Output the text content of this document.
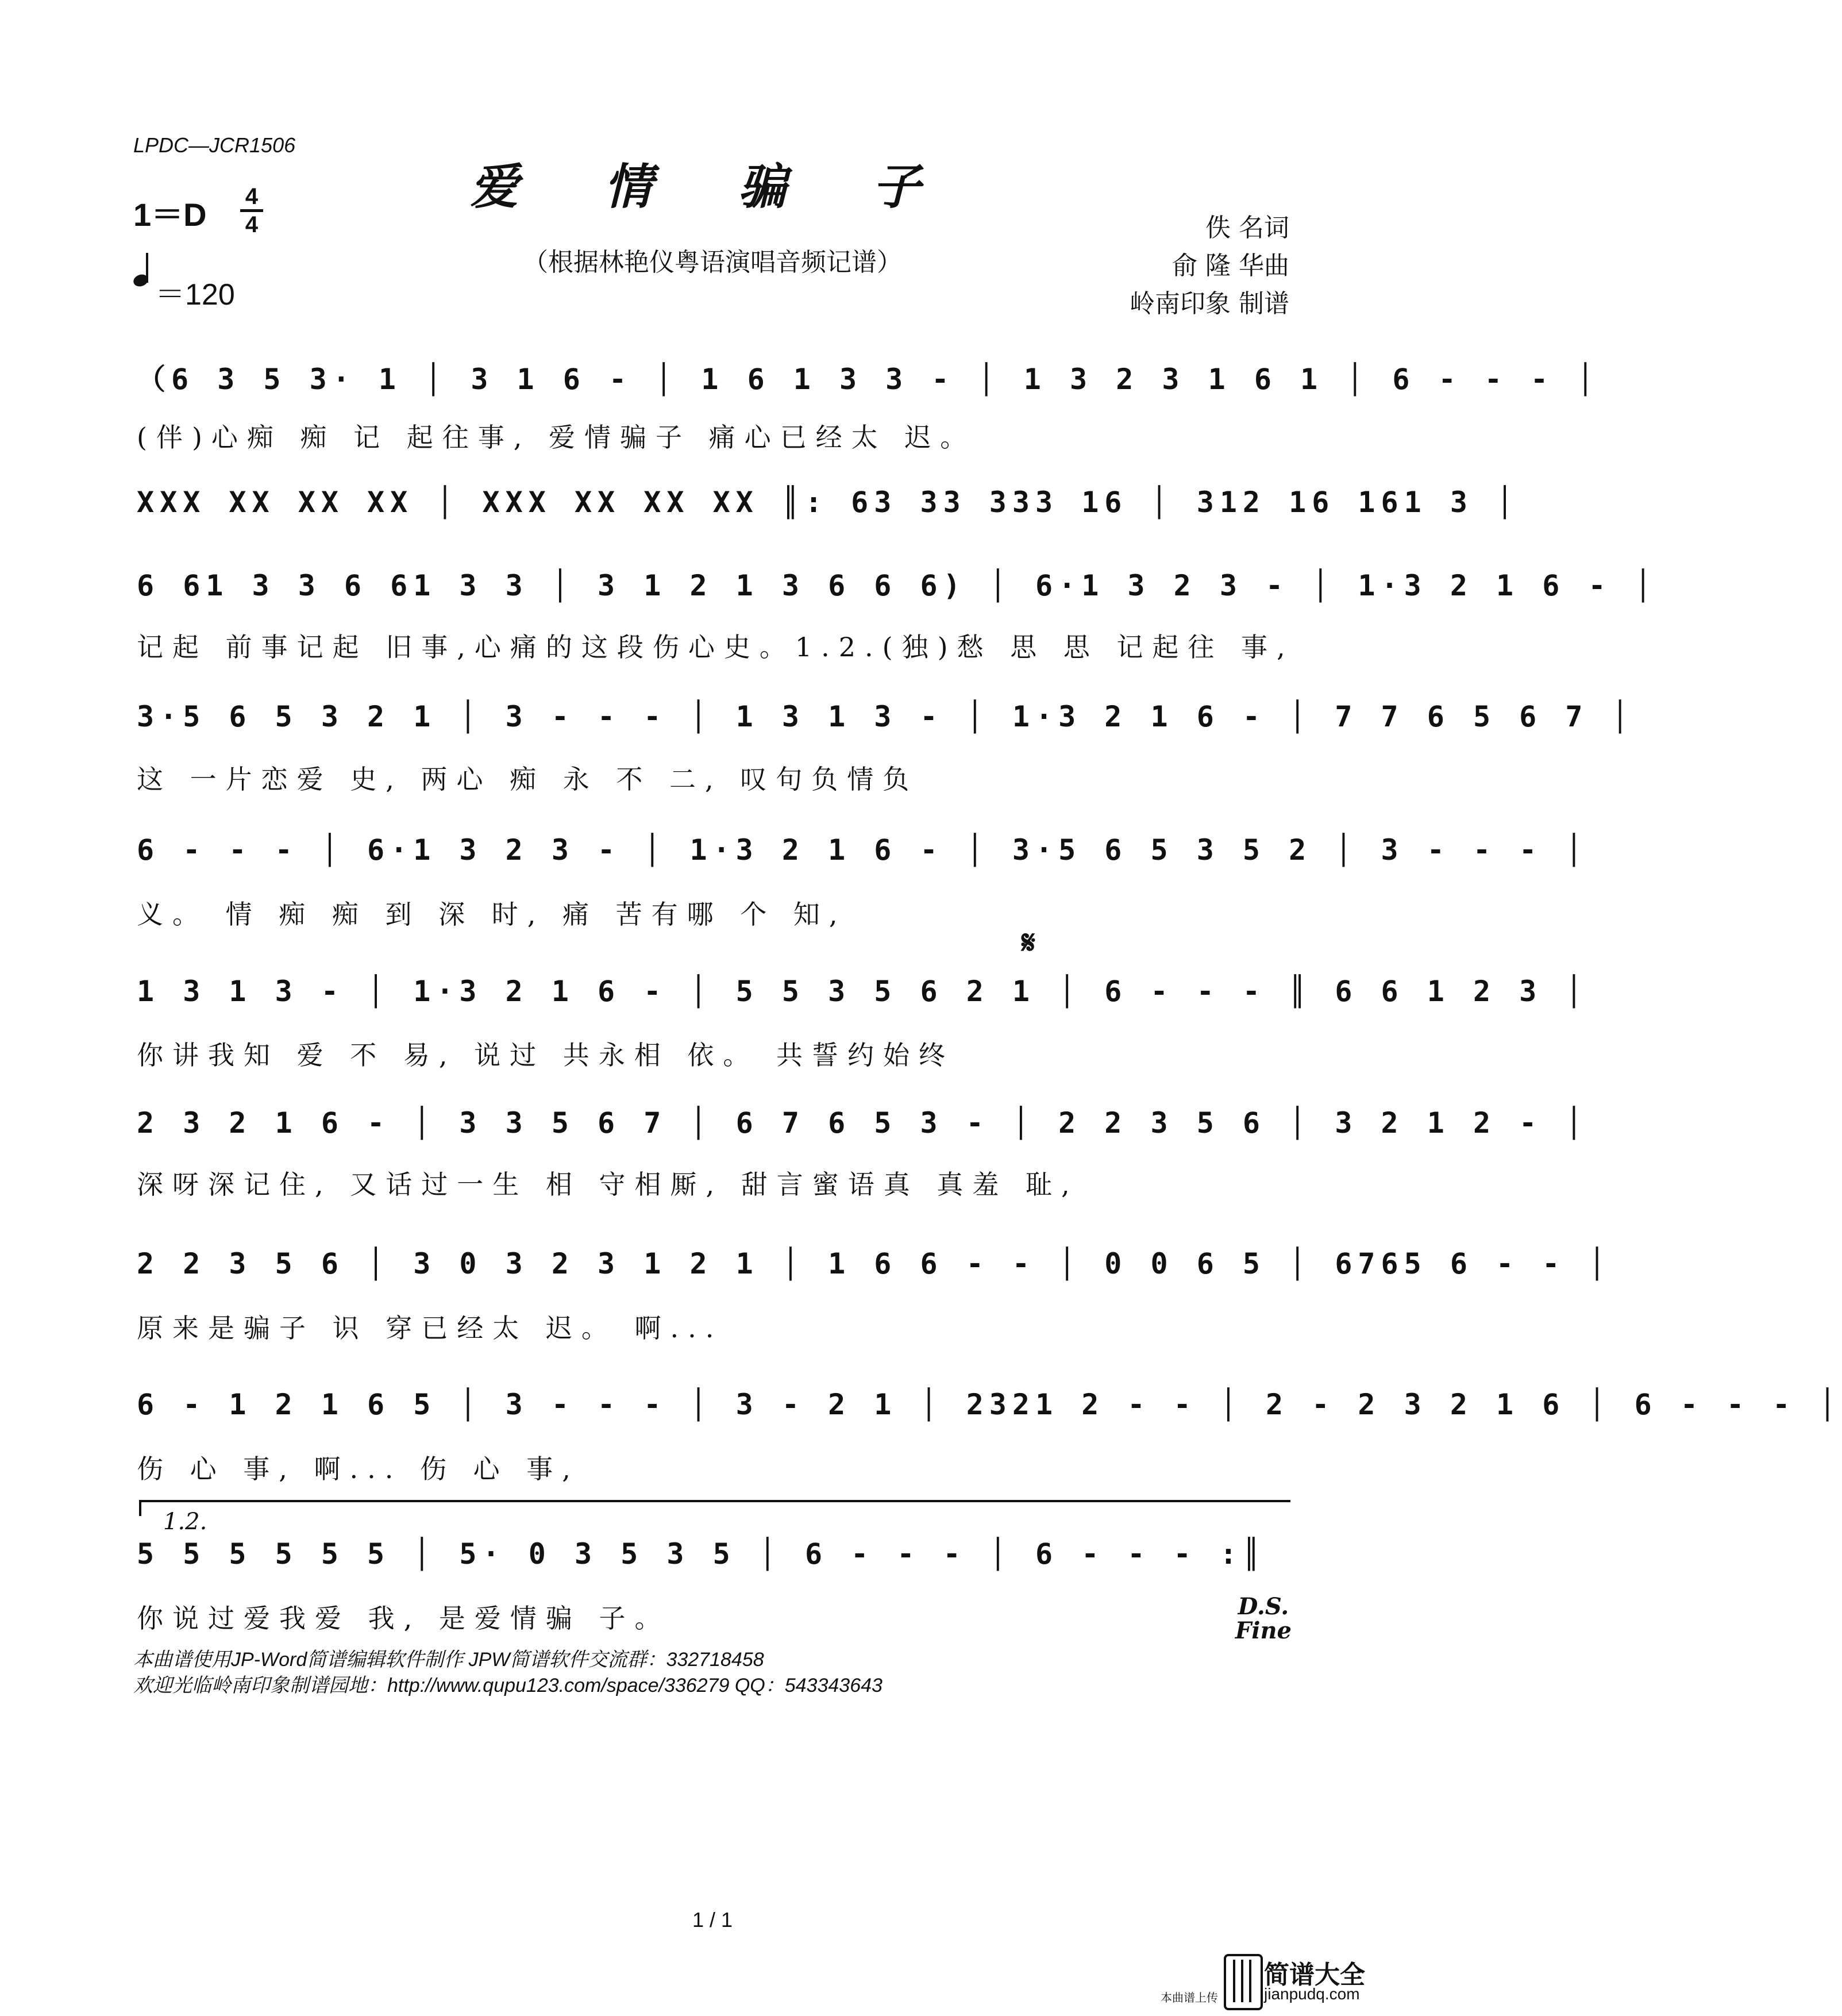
LPDC—JCR1506
爱 情 骗 子
（根据林艳仪粤语演唱音频记谱）
1＝D 4
4
＝120
佚 名词
俞 隆 华曲
岭南印象 制谱
（6 3 5 3· 1 │ 3 1 6 - │ 1 6 1 3 3 - │ 1 3 2 3 1 6 1 │ 6 - - - │
(伴)心痴 痴 记 起往事, 爱情骗子 痛心已经太 迟。
XXX XX XX XX │ XXX XX XX XX ║: 63 33 333 16 │ 312 16 161 3 │
6 61 3 3 6 61 3 3 │ 3 1 2 1 3 6 6 6) │ 6·1 3 2 3 - │ 1·3 2 1 6 - │
记起 前事记起 旧事,心痛的这段伤心史。1.2.(独)愁 思 思 记起往 事,
3·5 6 5 3 2 1 │ 3 - - - │ 1 3 1 3 - │ 1·3 2 1 6 - │ 7 7 6 5 6 7 │
这 一片恋爱 史, 两心 痴 永 不 二, 叹句负情负
6 - - - │ 6·1 3 2 3 - │ 1·3 2 1 6 - │ 3·5 6 5 3 5 2 │ 3 - - - │
义。 情 痴 痴 到 深 时, 痛 苦有哪 个 知,
𝄋
1 3 1 3 - │ 1·3 2 1 6 - │ 5 5 3 5 6 2 1 │ 6 - - - ║ 6 6 1 2 3 │
你讲我知 爱 不 易, 说过 共永相 依。 共誓约始终
2 3 2 1 6 - │ 3 3 5 6 7 │ 6 7 6 5 3 - │ 2 2 3 5 6 │ 3 2 1 2 - │
深呀深记住, 又话过一生 相 守相厮, 甜言蜜语真 真羞 耻,
2 2 3 5 6 │ 3 0 3 2 3 1 2 1 │ 1 6 6 - - │ 0 0 6 5 │ 6765 6 - - │
原来是骗子 识 穿已经太 迟。 啊...
6 - 1 2 1 6 5 │ 3 - - - │ 3 - 2 1 │ 2321 2 - - │ 2 - 2 3 2 1 6 │ 6 - - - │
伤 心 事, 啊... 伤 心 事,
1.2.
5 5 5 5 5 5 │ 5· 0 3 5 3 5 │ 6 - - - │ 6 - - - :║
你说过爱我爱 我, 是爱情骗 子。	D.S.
Fine
本曲谱使用JP-Word简谱编辑软件制作 JPW简谱软件交流群：332718458
欢迎光临岭南印象制谱园地：http://www.qupu123.com/space/336279 QQ：543343643
1 / 1
本曲谱上传
简谱大全
jianpudq.com
